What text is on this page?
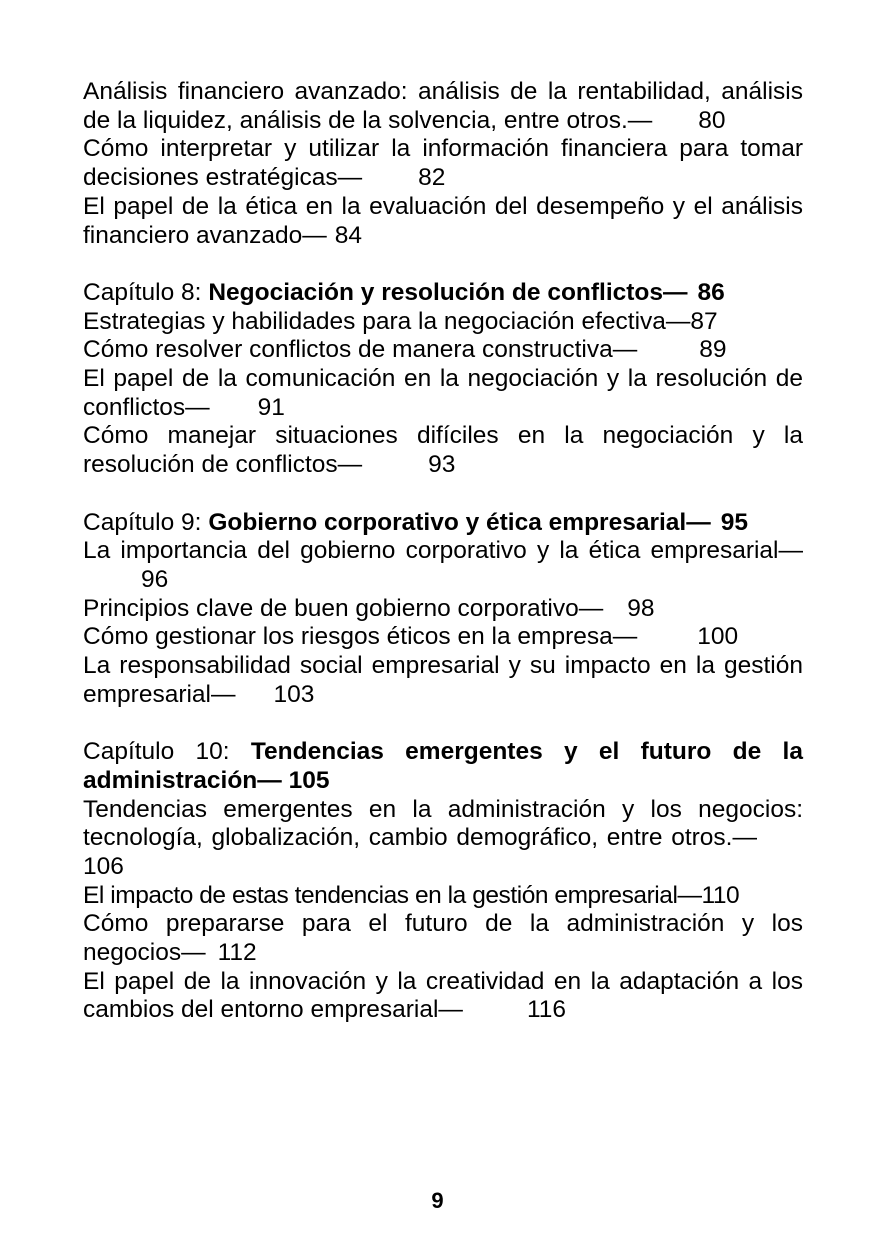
Análisis financiero avanzado: análisis de la rentabilidad, análisis de la liquidez, análisis de la solvencia, entre otros.— 80

Cómo interpretar y utilizar la información financiera para tomar decisiones estratégicas— 82

El papel de la ética en la evaluación del desempeño y el análisis financiero avanzado— 84

Capítulo 8: Negociación y resolución de conflictos— 86

Estrategias y habilidades para la negociación efectiva—87

Cómo resolver conflictos de manera constructiva—	89

El papel de la comunicación en la negociación y la resolución de conflictos— 91

Cómo manejar situaciones difíciles en la negociación y la resolución de conflictos—	93

Capítulo 9: Gobierno corporativo y ética empresarial— 95

La importancia del gobierno corporativo y la ética empresarial—96

Principios clave de buen gobierno corporativo— 98

Cómo gestionar los riesgos éticos en la empresa— 100

La responsabilidad social empresarial y su impacto en la gestión empresarial— 103

Capítulo 10: Tendencias emergentes y el futuro de la administración— 105

Tendencias emergentes en la administración y los negocios: tecnología, globalización, cambio demográfico, entre otros.—106

El impacto de estas tendencias en la gestión empresarial—110

Cómo prepararse para el futuro de la administración y los negocios— 112

El papel de la innovación y la creatividad en la adaptación a los cambios del entorno empresarial—	116

9
